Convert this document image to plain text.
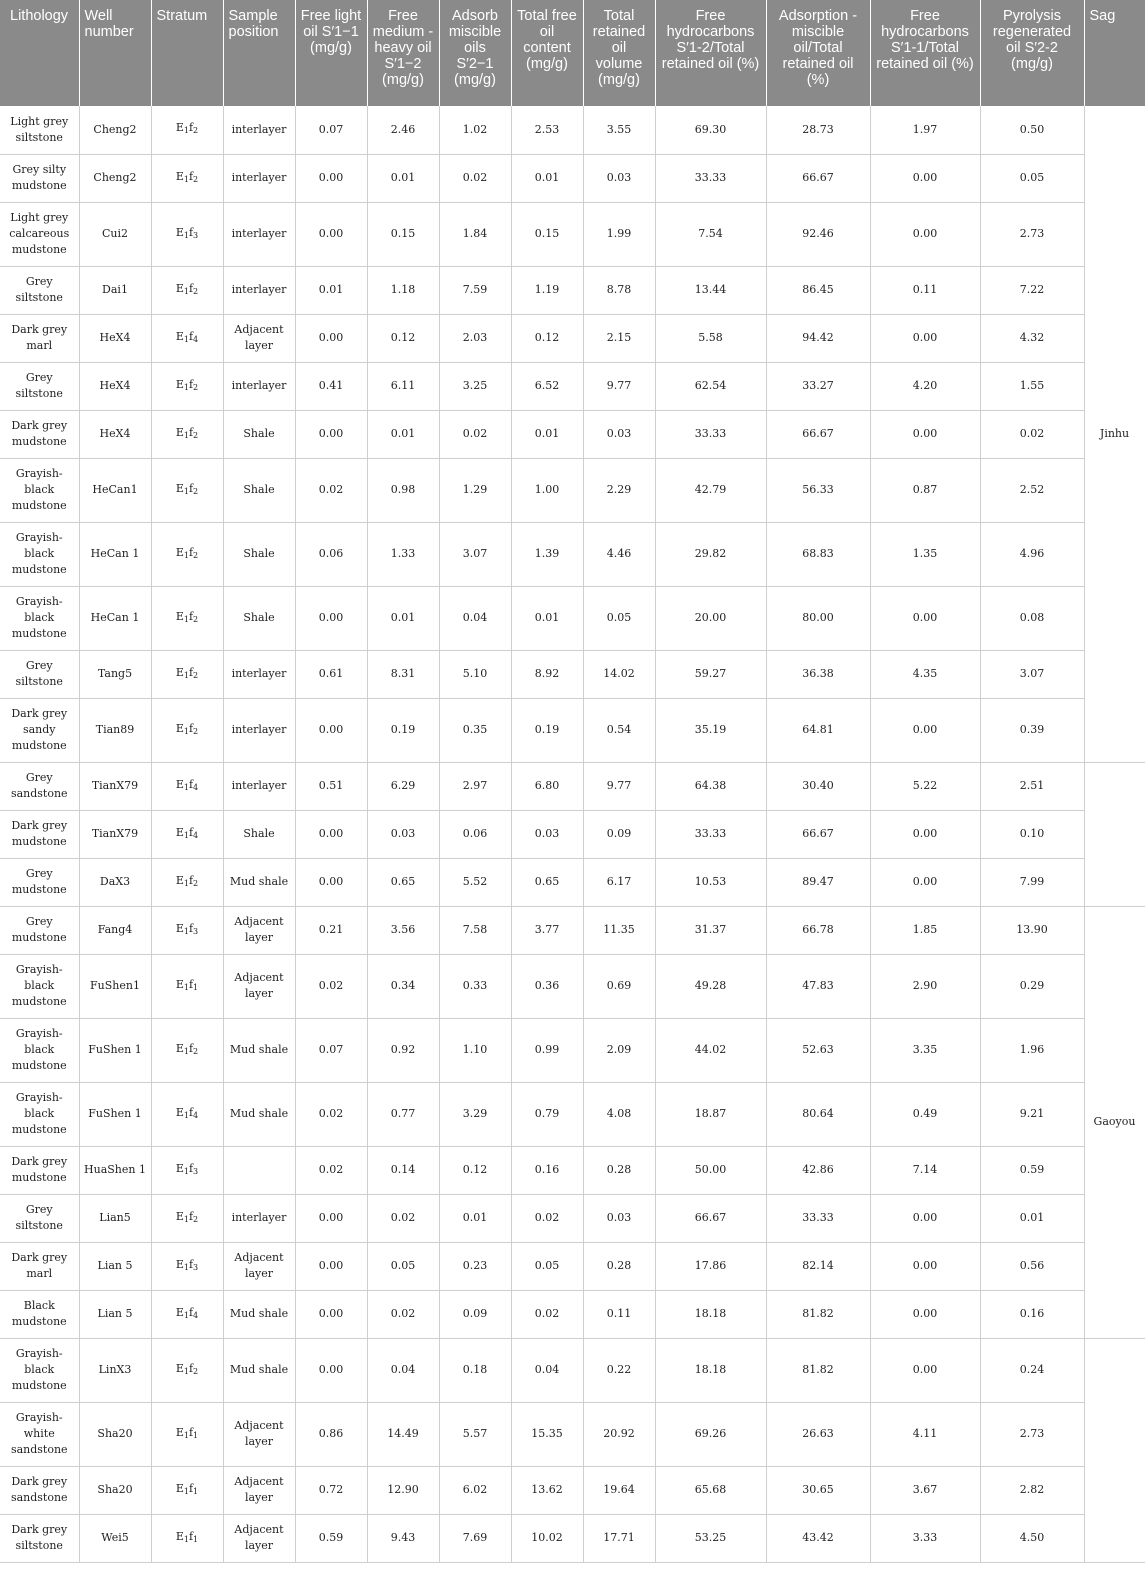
Lithology	Well number	Stratum	Sample position	Free light oil S′1−1 (mg/g)	Free medium - heavy oil S′1−2 (mg/g)	Adsorb miscible oils S′2−1 (mg/g)	Total free oil content (mg/g)	Total retained oil volume (mg/g)	Free hydrocarbons S′1-2/Total retained oil (%)	Adsorption - miscible oil/Total retained oil (%)	Free hydrocarbons S′1-1/Total retained oil (%)	Pyrolysis regenerated oil S′2-2 (mg/g)	Sag
Light grey siltstone	Cheng2	$E_1f_2$	interlayer	0.07	2.46	1.02	2.53	3.55	69.30	28.73	1.97	0.50	Jinhu
Grey silty mudstone	Cheng2	$E_1f_2$	interlayer	0.00	0.01	0.02	0.01	0.03	33.33	66.67	0.00	0.05	
Light grey calcareous mudstone	Cui2	$E_1f_3$	interlayer	0.00	0.15	1.84	0.15	1.99	7.54	92.46	0.00	2.73	
Grey siltstone	Dai1	$E_1f_2$	interlayer	0.01	1.18	7.59	1.19	8.78	13.44	86.45	0.11	7.22	
Dark grey marl	HeX4	$E_1f_4$	Adjacent layer	0.00	0.12	2.03	0.12	2.15	5.58	94.42	0.00	4.32	
Grey siltstone	HeX4	$E_1f_2$	interlayer	0.41	6.11	3.25	6.52	9.77	62.54	33.27	4.20	1.55	
Dark grey mudstone	HeX4	$E_1f_2$	Shale	0.00	0.01	0.02	0.01	0.03	33.33	66.67	0.00	0.02	
Grayish-black mudstone	HeCan1	$E_1f_2$	Shale	0.02	0.98	1.29	1.00	2.29	42.79	56.33	0.87	2.52	
Grayish-black mudstone	HeCan 1	$E_1f_2$	Shale	0.06	1.33	3.07	1.39	4.46	29.82	68.83	1.35	4.96	
Grayish-black mudstone	HeCan 1	$E_1f_2$	Shale	0.00	0.01	0.04	0.01	0.05	20.00	80.00	0.00	0.08	
Grey siltstone	Tang5	$E_1f_2$	interlayer	0.61	8.31	5.10	8.92	14.02	59.27	36.38	4.35	3.07	
Dark grey sandy mudstone	Tian89	$E_1f_2$	interlayer	0.00	0.19	0.35	0.19	0.54	35.19	64.81	0.00	0.39	
Grey sandstone	TianX79	$E_1f_4$	interlayer	0.51	6.29	2.97	6.80	9.77	64.38	30.40	5.22	2.51	
Dark grey mudstone	TianX79	$E_1f_4$	Shale	0.00	0.03	0.06	0.03	0.09	33.33	66.67	0.00	0.10	
Grey mudstone	DaX3	$E_1f_2$	Mud shale	0.00	0.65	5.52	0.65	6.17	10.53	89.47	0.00	7.99	
Grey mudstone	Fang4	$E_1f_3$	Adjacent layer	0.21	3.56	7.58	3.77	11.35	31.37	66.78	1.85	13.90	Gaoyou
Grayish-black mudstone	FuShen1	$E_1f_1$	Adjacent layer	0.02	0.34	0.33	0.36	0.69	49.28	47.83	2.90	0.29	
Grayish-black mudstone	FuShen 1	$E_1f_2$	Mud shale	0.07	0.92	1.10	0.99	2.09	44.02	52.63	3.35	1.96	
Grayish-black mudstone	FuShen 1	$E_1f_4$	Mud shale	0.02	0.77	3.29	0.79	4.08	18.87	80.64	0.49	9.21	
Dark grey mudstone	HuaShen 1	$E_1f_3$		0.02	0.14	0.12	0.16	0.28	50.00	42.86	7.14	0.59	
Grey siltstone	Lian5	$E_1f_2$	interlayer	0.00	0.02	0.01	0.02	0.03	66.67	33.33	0.00	0.01	
Dark grey marl	Lian 5	$E_1f_3$	Adjacent layer	0.00	0.05	0.23	0.05	0.28	17.86	82.14	0.00	0.56	
Black mudstone	Lian 5	$E_1f_4$	Mud shale	0.00	0.02	0.09	0.02	0.11	18.18	81.82	0.00	0.16	
Grayish-black mudstone	LinX3	$E_1f_2$	Mud shale	0.00	0.04	0.18	0.04	0.22	18.18	81.82	0.00	0.24	
Grayish-white sandstone	Sha20	$E_1f_1$	Adjacent layer	0.86	14.49	5.57	15.35	20.92	69.26	26.63	4.11	2.73	
Dark grey sandstone	Sha20	$E_1f_1$	Adjacent layer	0.72	12.90	6.02	13.62	19.64	65.68	30.65	3.67	2.82	
Dark grey siltstone	Wei5	$E_1f_1$	Adjacent layer	0.59	9.43	7.69	10.02	17.71	53.25	43.42	3.33	4.50	
